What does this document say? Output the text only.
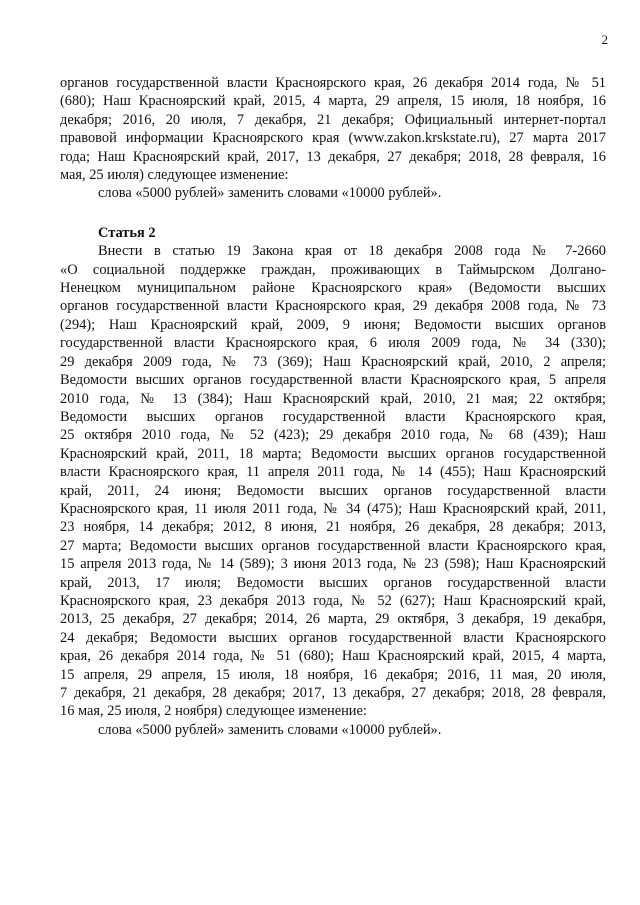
2
органов государственной власти Красноярского края, 26 декабря 2014 года, № 51
(680); Наш Красноярский край, 2015, 4 марта, 29 апреля, 15 июля, 18 ноября, 16
декабря; 2016, 20 июля, 7 декабря, 21 декабря; Официальный интернет-портал
правовой информации Красноярского края (www.zakon.krskstate.ru), 27 марта 2017
года; Наш Красноярский край, 2017, 13 декабря, 27 декабря; 2018, 28 февраля, 16
мая, 25 июля) следующее изменение:
слова «5000 рублей» заменить словами «10000 рублей».
Статья 2
Внести в статью 19 Закона края от 18 декабря 2008 года № 7-2660
«О социальной поддержке граждан, проживающих в Таймырском Долгано-
Ненецком муниципальном районе Красноярского края» (Ведомости высших
органов государственной власти Красноярского края, 29 декабря 2008 года, № 73
(294); Наш Красноярский край, 2009, 9 июня; Ведомости высших органов
государственной власти Красноярского края, 6 июля 2009 года, № 34 (330);
29 декабря 2009 года, № 73 (369); Наш Красноярский край, 2010, 2 апреля;
Ведомости высших органов государственной власти Красноярского края, 5 апреля
2010 года, № 13 (384); Наш Красноярский край, 2010, 21 мая; 22 октября;
Ведомости высших органов государственной власти Красноярского края,
25 октября 2010 года, № 52 (423); 29 декабря 2010 года, № 68 (439); Наш
Красноярский край, 2011, 18 марта; Ведомости высших органов государственной
власти Красноярского края, 11 апреля 2011 года, № 14 (455); Наш Красноярский
край, 2011, 24 июня; Ведомости высших органов государственной власти
Красноярского края, 11 июля 2011 года, № 34 (475); Наш Красноярский край, 2011,
23 ноября, 14 декабря; 2012, 8 июня, 21 ноября, 26 декабря, 28 декабря; 2013,
27 марта; Ведомости высших органов государственной власти Красноярского края,
15 апреля 2013 года, № 14 (589); 3 июня 2013 года, № 23 (598); Наш Красноярский
край, 2013, 17 июля; Ведомости высших органов государственной власти
Красноярского края, 23 декабря 2013 года, № 52 (627); Наш Красноярский край,
2013, 25 декабря, 27 декабря; 2014, 26 марта, 29 октября, 3 декабря, 19 декабря,
24 декабря; Ведомости высших органов государственной власти Красноярского
края, 26 декабря 2014 года, № 51 (680); Наш Красноярский край, 2015, 4 марта,
15 апреля, 29 апреля, 15 июля, 18 ноября, 16 декабря; 2016, 11 мая, 20 июля,
7 декабря, 21 декабря, 28 декабря; 2017, 13 декабря, 27 декабря; 2018, 28 февраля,
16 мая, 25 июля, 2 ноября) следующее изменение:
слова «5000 рублей» заменить словами «10000 рублей».
